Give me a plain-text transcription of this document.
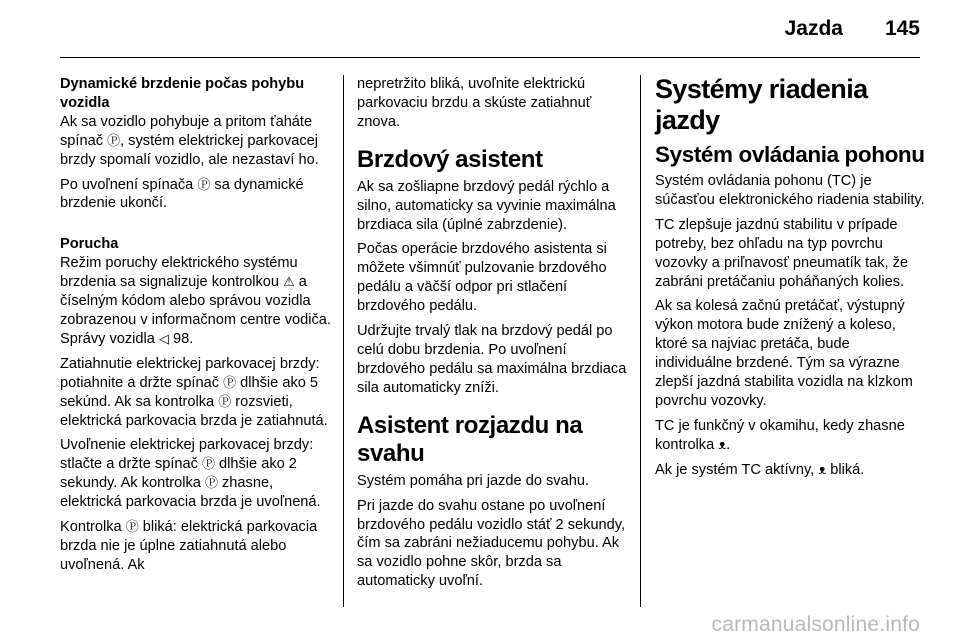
Jazda 145
Dynamické brzdenie počas pohybu vozidla

Ak sa vozidlo pohybuje a pritom ťaháte spínač Ⓟ, systém elektrickej parkovacej brzdy spomalí vozidlo, ale nezastaví ho.

Po uvoľnení spínača Ⓟ sa dynamické brzdenie ukončí.

Porucha

Režim poruchy elektrického systému brzdenia sa signalizuje kontrolkou ⚠ a číselným kódom alebo správou vozidla zobrazenou v informačnom centre vodiča. Správy vozidla ◁ 98.

Zatiahnutie elektrickej parkovacej brzdy: potiahnite a držte spínač Ⓟ dlhšie ako 5 sekúnd. Ak sa kontrolka Ⓟ rozsvieti, elektrická parkovacia brzda je zatiahnutá.

Uvoľnenie elektrickej parkovacej brzdy: stlačte a držte spínač Ⓟ dlhšie ako 2 sekundy. Ak kontrolka Ⓟ zhasne, elektrická parkovacia brzda je uvoľnená.

Kontrolka Ⓟ bliká: elektrická parkovacia brzda nie je úplne zatiahnutá alebo uvoľnená. Ak

nepretržito bliká, uvoľnite elektrickú parkovaciu brzdu a skúste zatiahnuť znova.

Brzdový asistent

Ak sa zošliapne brzdový pedál rýchlo a silno, automaticky sa vyvinie maximálna brzdiaca sila (úplné zabrzdenie).

Počas operácie brzdového asistenta si môžete všimnúť pulzovanie brzdového pedálu a väčší odpor pri stlačení brzdového pedálu.

Udržujte trvalý tlak na brzdový pedál po celú dobu brzdenia. Po uvoľnení brzdového pedálu sa maximálna brzdiaca sila automaticky zníži.

Asistent rozjazdu na svahu

Systém pomáha pri jazde do svahu.

Pri jazde do svahu ostane po uvoľnení brzdového pedálu vozidlo stáť 2 sekundy, čím sa zabráni nežiaducemu pohybu. Ak sa vozidlo pohne skôr, brzda sa automaticky uvoľní.

Systémy riadenia jazdy
Systém ovládania pohonu

Systém ovládania pohonu (TC) je súčasťou elektronického riadenia stability.

TC zlepšuje jazdnú stabilitu v prípade potreby, bez ohľadu na typ povrchu vozovky a priľnavosť pneumatík tak, že zabráni pretáčaniu poháňaných kolies.

Ak sa kolesá začnú pretáčať, výstupný výkon motora bude znížený a koleso, ktoré sa najviac pretáča, bude individuálne brzdené. Tým sa výrazne zlepší jazdná stabilita vozidla na klzkom povrchu vozovky.

TC je funkčný v okamihu, kedy zhasne kontrolka ᴥ.

Ak je systém TC aktívny, ᴥ bliká.

carmanualsonline.info
